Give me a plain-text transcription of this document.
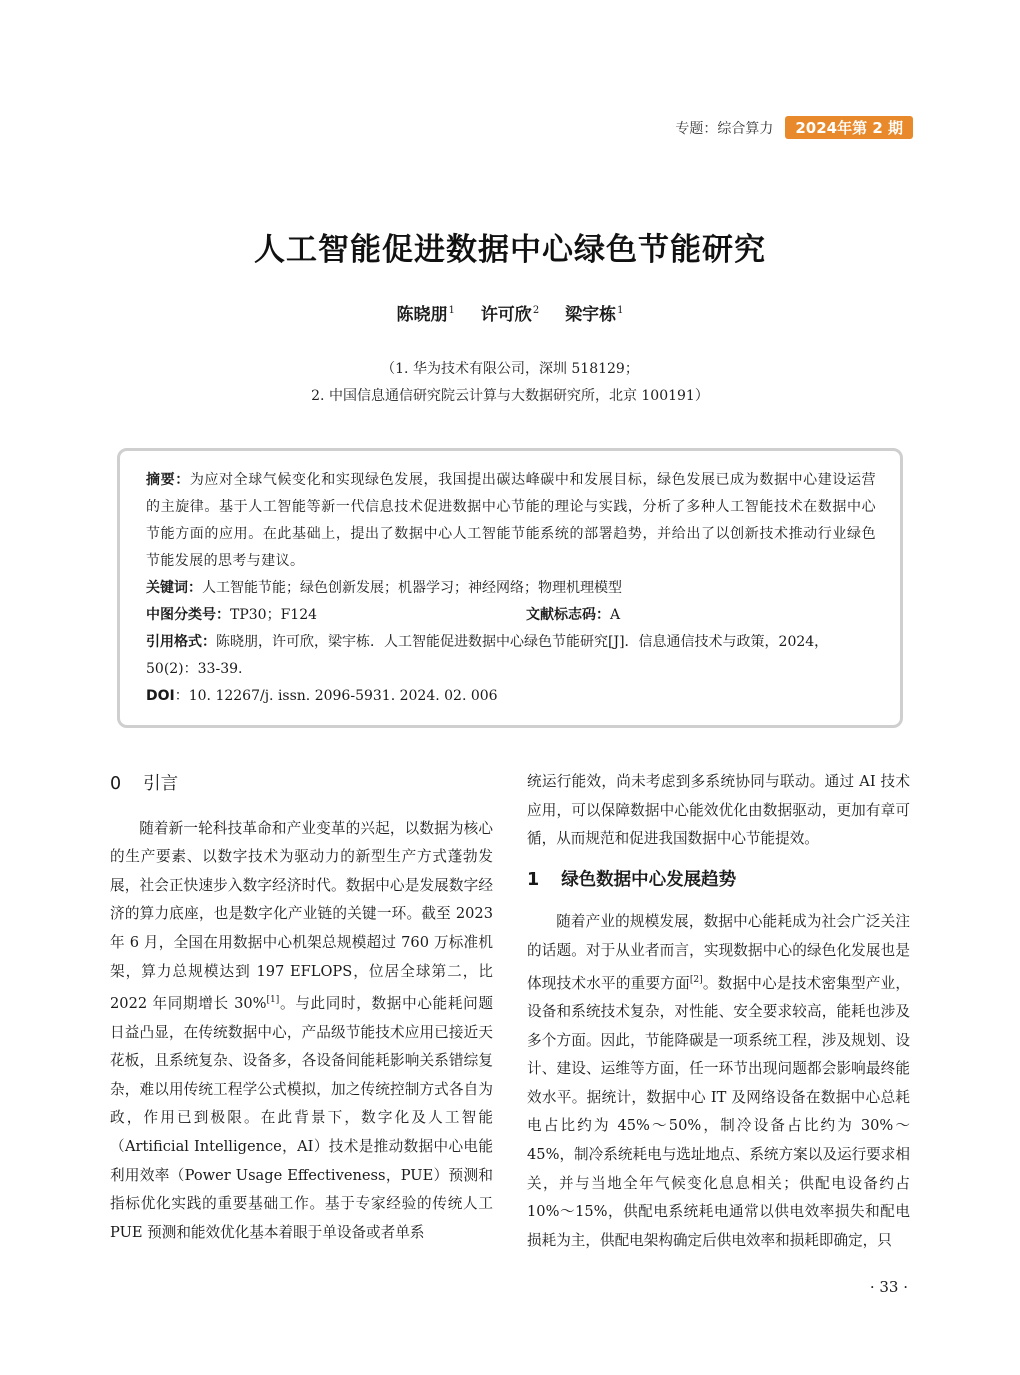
专题：综合算力	2024年第 2 期
人工智能促进数据中心绿色节能研究
陈晓朋$^1$ 许可欣$^2$ 梁宇栋$^1$
（1. 华为技术有限公司，深圳 518129；
2. 中国信息通信研究院云计算与大数据研究所，北京 100191）
摘要：为应对全球气候变化和实现绿色发展，我国提出碳达峰碳中和发展目标，绿色发展已成为数据中心建设运营的主旋律。基于人工智能等新一代信息技术促进数据中心节能的理论与实践，分析了多种人工智能技术在数据中心节能方面的应用。在此基础上，提出了数据中心人工智能节能系统的部署趋势，并给出了以创新技术推动行业绿色节能发展的思考与建议。
关键词：人工智能节能；绿色创新发展；机器学习；神经网络；物理机理模型
中图分类号：TP30；F124	文献标志码：A
引用格式：陈晓朋，许可欣，梁宇栋．人工智能促进数据中心绿色节能研究[J]．信息通信技术与政策，2024，50(2)：33-39.
DOI：10. 12267/j. issn. 2096-5931. 2024. 02. 006
0 引言

随着新一轮科技革命和产业变革的兴起，以数据为核心的生产要素、以数字技术为驱动力的新型生产方式蓬勃发展，社会正快速步入数字经济时代。数据中心是发展数字经济的算力底座，也是数字化产业链的关键一环。截至 2023 年 6 月，全国在用数据中心机架总规模超过 760 万标准机架，算力总规模达到 197 EFLOPS，位居全球第二，比 2022 年同期增长 30%[1]。与此同时，数据中心能耗问题日益凸显，在传统数据中心，产品级节能技术应用已接近天花板，且系统复杂、设备多，各设备间能耗影响关系错综复杂，难以用传统工程学公式模拟，加之传统控制方式各自为政，作用已到极限。在此背景下，数字化及人工智能（Artificial Intelligence，AI）技术是推动数据中心电能利用效率（Power Usage Effectiveness，PUE）预测和指标优化实践的重要基础工作。基于专家经验的传统人工 PUE 预测和能效优化基本着眼于单设备或者单系

统运行能效，尚未考虑到多系统协同与联动。通过 AI 技术应用，可以保障数据中心能效优化由数据驱动，更加有章可循，从而规范和促进我国数据中心节能提效。

1 绿色数据中心发展趋势

随着产业的规模发展，数据中心能耗成为社会广泛关注的话题。对于从业者而言，实现数据中心的绿色化发展也是体现技术水平的重要方面[2]。数据中心是技术密集型产业，设备和系统技术复杂，对性能、安全要求较高，能耗也涉及多个方面。因此，节能降碳是一项系统工程，涉及规划、设计、建设、运维等方面，任一环节出现问题都会影响最终能效水平。据统计，数据中心 IT 及网络设备在数据中心总耗电占比约为 45%～50%，制冷设备占比约为 30%～45%，制冷系统耗电与选址地点、系统方案以及运行要求相关，并与当地全年气候变化息息相关；供配电设备约占 10%～15%，供配电系统耗电通常以供电效率损失和配电损耗为主，供配电架构确定后供电效率和损耗即确定，只

· 33 ·
